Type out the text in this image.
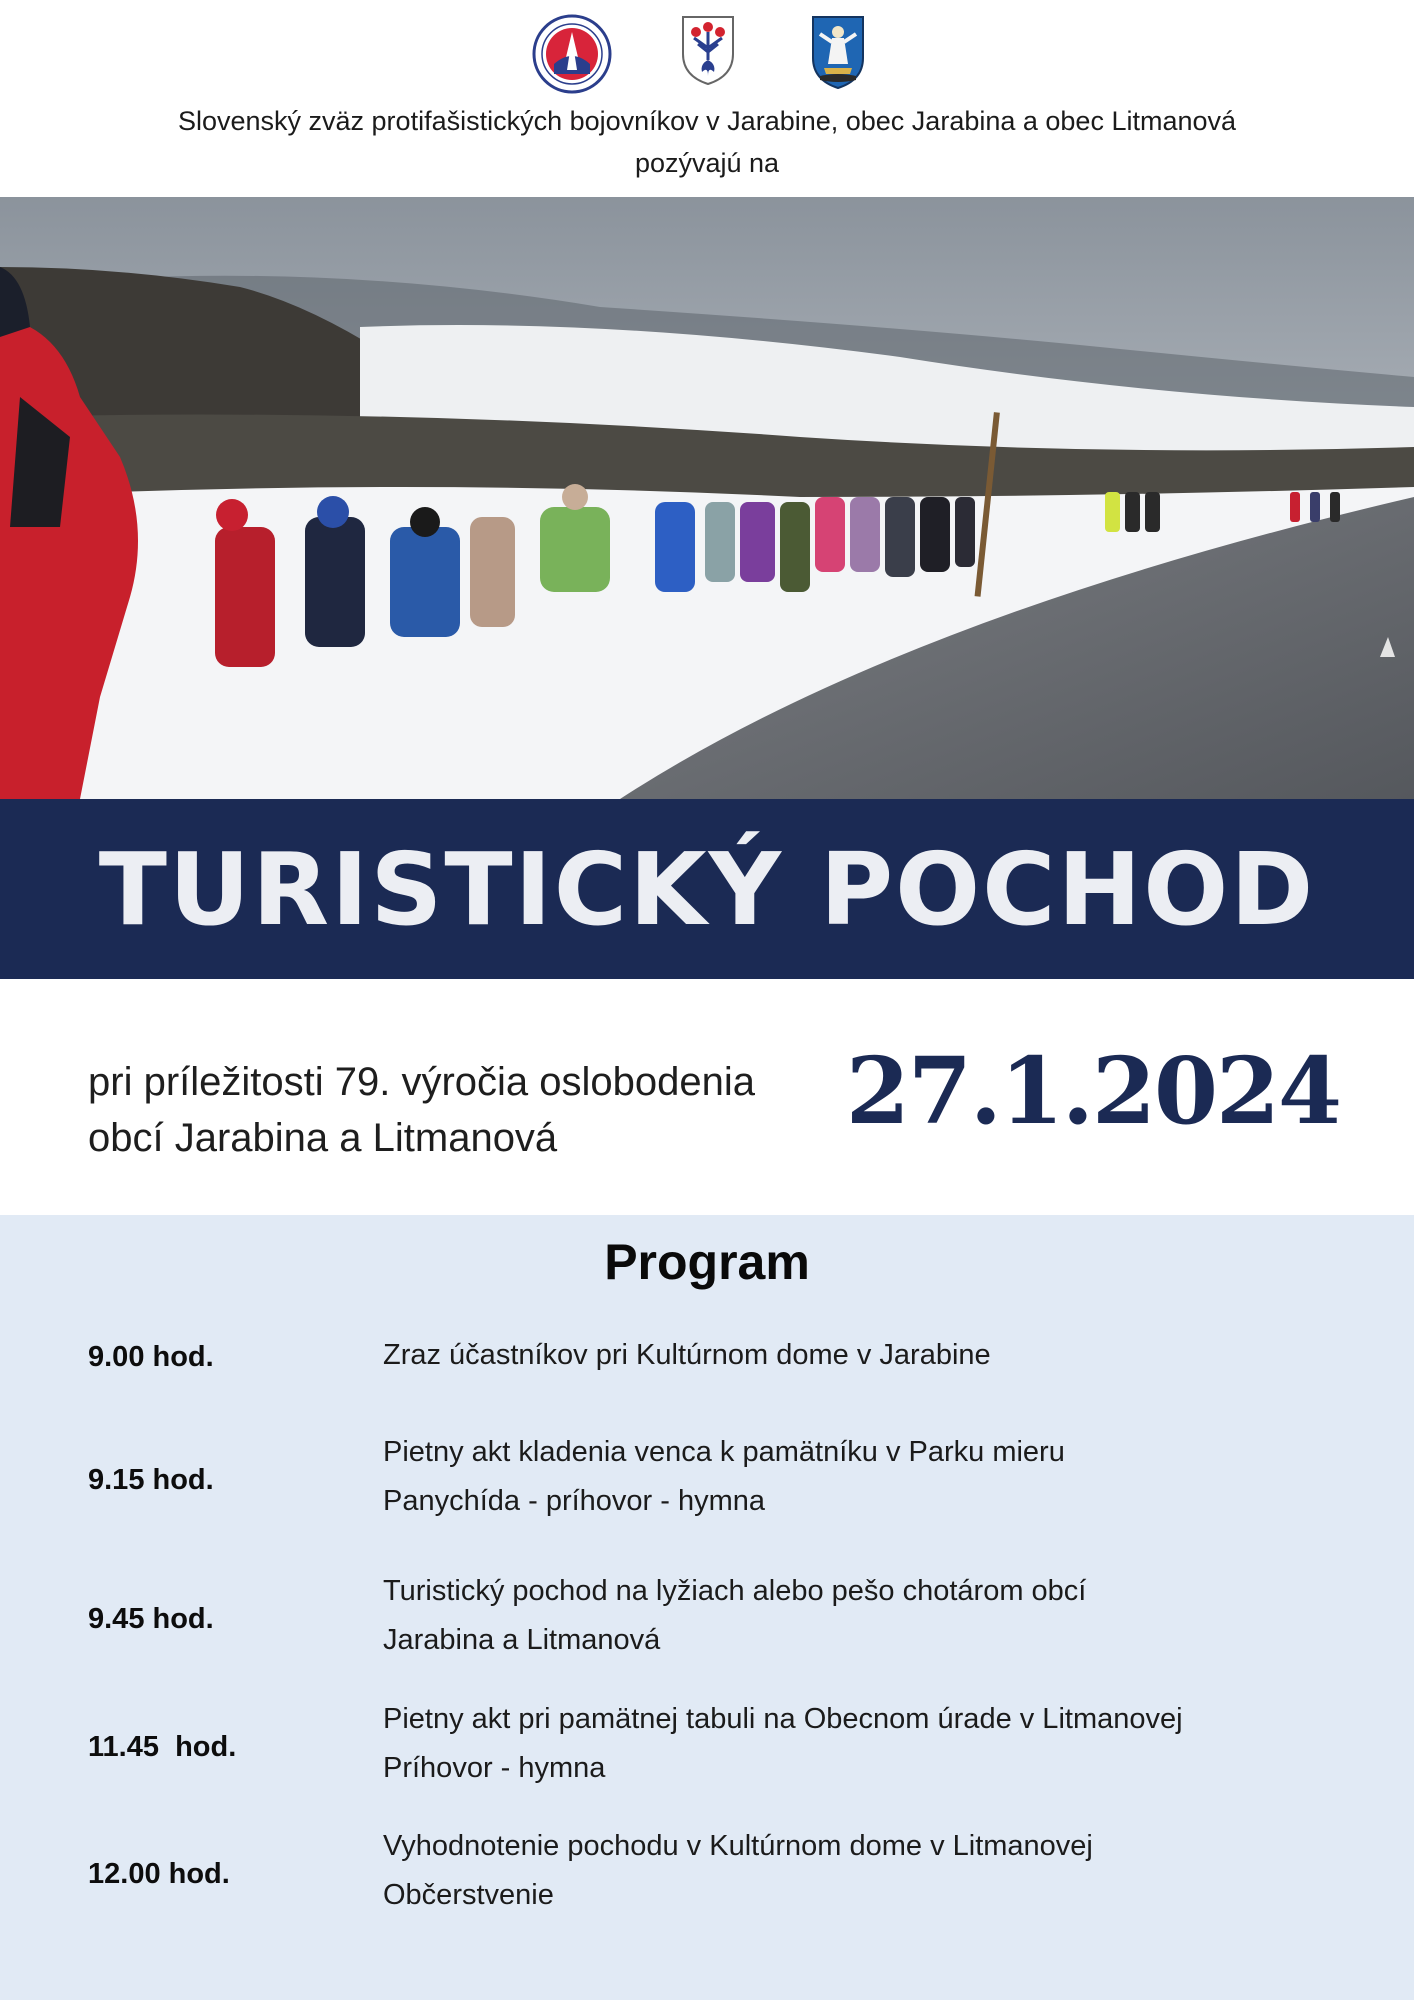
Slovenský zväz protifašistických bojovníkov v Jarabine, obec Jarabina a obec Litmanová
pozývajú na
TURISTICKÝ POCHOD
pri príležitosti 79. výročia oslobodenia
obcí Jarabina a Litmanová	27.1.2024
Program
9.00 hod.	Zraz účastníkov pri Kultúrnom dome v Jarabine
9.15 hod.
Pietny akt kladenia venca k pamätníku v Parku mieru
Panychída - príhovor - hymna
9.45 hod.
Turistický pochod na lyžiach alebo pešo chotárom obcí
Jarabina a Litmanová
11.45  hod.
Pietny akt pri pamätnej tabuli na Obecnom úrade v Litmanovej
Príhovor - hymna
12.00 hod.
Vyhodnotenie pochodu v Kultúrnom dome v Litmanovej
Občerstvenie
